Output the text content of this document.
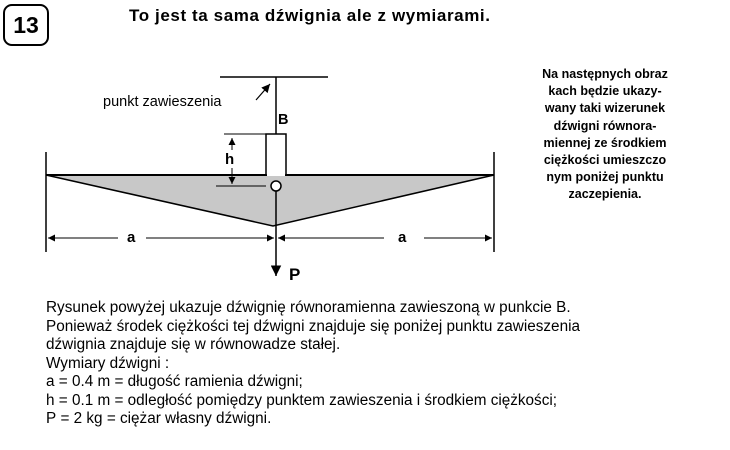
13	To jest ta sama dźwignia ale z wymiarami.
punkt zawieszenia
B
h
a	a
P
Na następnych obraz
kach będzie ukazy-
wany taki wizerunek
dźwigni równora-
miennej ze środkiem
ciężkości umieszczo
nym poniżej punktu
zaczepienia.
Rysunek powyżej ukazuje dźwignię równoramienna zawieszoną w punkcie B.
Ponieważ środek ciężkości tej dźwigni znajduje się poniżej punktu zawieszenia
dźwignia znajduje się w równowadze stałej.
Wymiary dźwigni :
a = 0.4 m = długość ramienia dźwigni;
h = 0.1 m = odległość pomiędzy punktem zawieszenia i środkiem ciężkości;
P = 2 kg = ciężar własny dźwigni.
